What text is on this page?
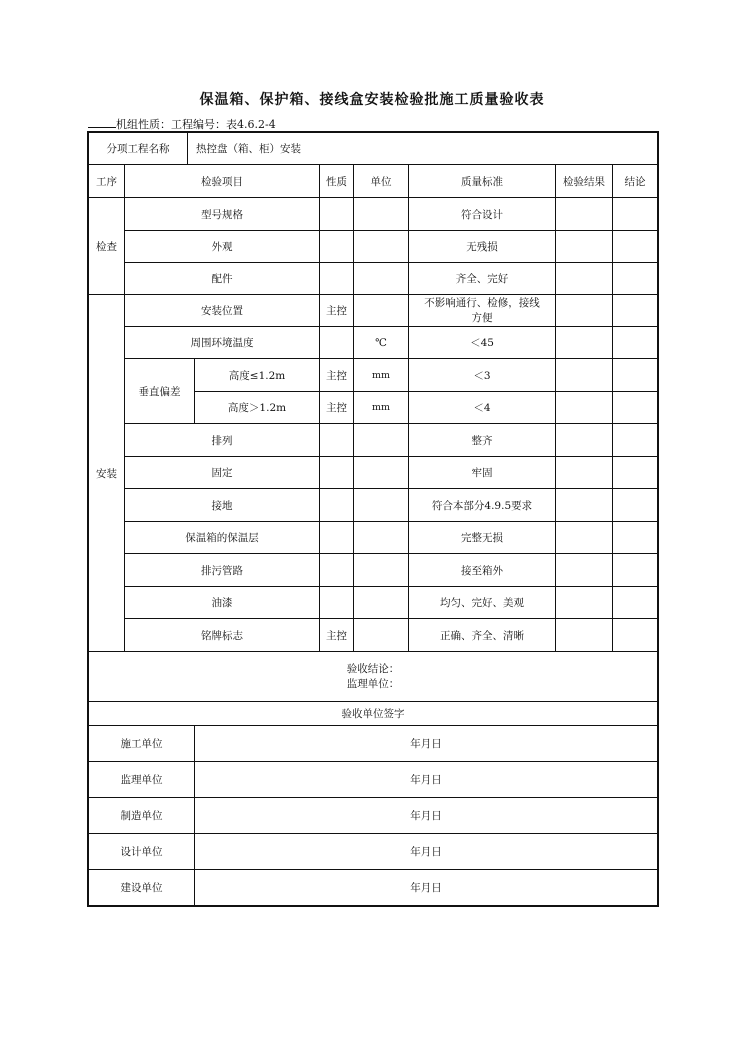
保温箱、保护箱、接线盒安装检验批施工质量验收表
机组性质：工程编号：表4.6.2-4
分项工程名称 热控盘（箱、柜）安装							

工序	检验项目		性质	单位	质量标准	检验结果	结论
检查	型号规格				符合设计		
	外观				无残损		
	配件				齐全、完好		
安装	安装位置		主控		不影响通行、检修，接线方便		
	周围环境温度			℃	＜45		
	垂直偏差	高度≤1.2m	主控	mm	＜3		
		高度＞1.2m	主控	mm	＜4		
	排列				整齐		
	固定				牢固		
	接地				符合本部分4.9.5要求		
	保温箱的保温层				完整无损		
	排污管路				接至箱外		
	油漆				均匀、完好、美观		
	铭牌标志		主控		正确、齐全、清晰		

验收结论：
监理单位：							

验收单位签字							
施工单位		年月日					
监理单位		年月日					
制造单位		年月日					
设计单位		年月日					
建设单位		年月日					
